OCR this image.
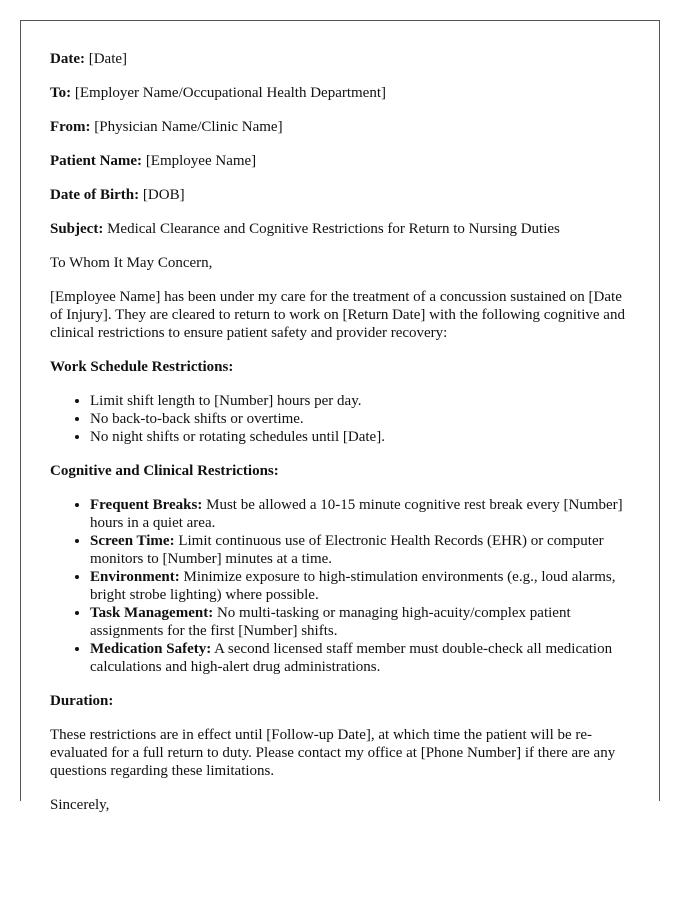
Date: [Date]

To: [Employer Name/Occupational Health Department]

From: [Physician Name/Clinic Name]

Patient Name: [Employee Name]

Date of Birth: [DOB]

Subject: Medical Clearance and Cognitive Restrictions for Return to Nursing Duties

To Whom It May Concern,

[Employee Name] has been under my care for the treatment of a concussion sustained on [Date of Injury]. They are cleared to return to work on [Return Date] with the following cognitive and clinical restrictions to ensure patient safety and provider recovery:

Work Schedule Restrictions:

• Limit shift length to [Number] hours per day.
• No back-to-back shifts or overtime.
• No night shifts or rotating schedules until [Date].

Cognitive and Clinical Restrictions:

• Frequent Breaks: Must be allowed a 10-15 minute cognitive rest break every [Number] hours in a quiet area.
• Screen Time: Limit continuous use of Electronic Health Records (EHR) or computer monitors to [Number] minutes at a time.
• Environment: Minimize exposure to high-stimulation environments (e.g., loud alarms, bright strobe lighting) where possible.
• Task Management: No multi-tasking or managing high-acuity/complex patient assignments for the first [Number] shifts.
• Medication Safety: A second licensed staff member must double-check all medication calculations and high-alert drug administrations.

Duration:

These restrictions are in effect until [Follow-up Date], at which time the patient will be re-evaluated for a full return to duty. Please contact my office at [Phone Number] if there are any questions regarding these limitations.

Sincerely,
